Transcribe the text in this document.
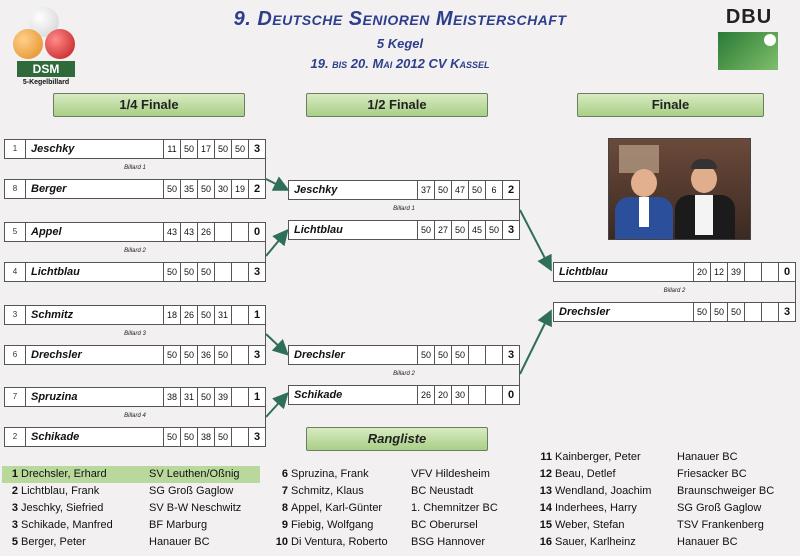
9. Deutsche Senioren Meisterschaft
5 Kegel
19. bis 20. Mai 2012 CV Kassel
DSM
5-Kegelbillard
DBU
1/4 Finale	1/2 Finale	Finale
1	Jeschky	11 50 17 50 50 3
Billard 1
8	Berger	50 35 50 30 19 2
5	Appel	43 43 26	0
Billard 2
4	Lichtblau	50 50 50	3
3	Schmitz	18 26 50 31	1
Billard 3
6	Drechsler	50 50 36 50	3
7	Spruzina	38 31 50 39	1
Billard 4
2	Schikade	50 50 38 50	3
Jeschky	37 50 47 50	6	2
Billard 1
Lichtblau	50 27 50 45 50 3
Drechsler	50 50 50	3
Billard 2
Schikade	26 20 30	0
Lichtblau	20 12 39	0
Billard 2
Drechsler	50 50 50	3
Rangliste
1 Drechsler, Erhard	SV Leuthen/Oßnig
2 Lichtblau, Frank	SG Groß Gaglow
3 Jeschky, Siefried	SV B-W Neschwitz
3 Schikade, Manfred	BF Marburg
5 Berger, Peter	Hanauer BC
6 Spruzina, Frank	VFV Hildesheim
7 Schmitz, Klaus	BC Neustadt
8 Appel, Karl-Günter	1. Chemnitzer BC
9 Fiebig, Wolfgang	BC Oberursel
10 Di Ventura, Roberto	BSG Hannover
11 Kainberger, Peter	Hanauer BC
12 Beau, Detlef	Friesacker BC
13 Wendland, Joachim	Braunschweiger BC
14 Inderhees, Harry	SG Groß Gaglow
15 Weber, Stefan	TSV Frankenberg
16 Sauer, Karlheinz	Hanauer BC
